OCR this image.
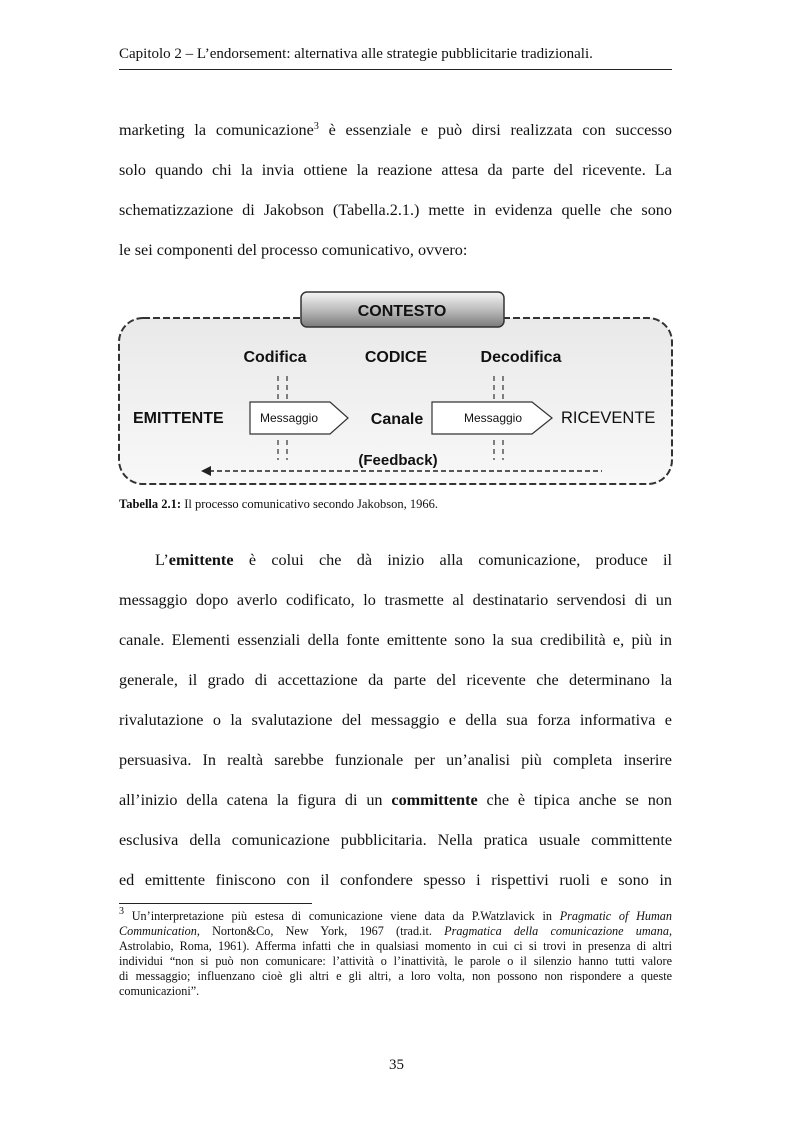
Capitolo 2 – L’endorsement: alternativa alle strategie pubblicitarie tradizionali.
marketing la comunicazione$^3$ è essenziale e può dirsi realizzata con successo
solo quando chi la invia ottiene la reazione attesa da parte del ricevente. La
schematizzazione di Jakobson (Tabella.2.1.) mette in evidenza quelle che sono
le sei componenti del processo comunicativo, ovvero:
CONTESTO
Codifica	CODICE	Decodifica
EMITTENTE	Messaggio	Canale	Messaggio RICEVENTE
(Feedback)
Tabella 2.1: Il processo comunicativo secondo Jakobson, 1966.
L’emittente è colui che dà inizio alla comunicazione, produce il
messaggio dopo averlo codificato, lo trasmette al destinatario servendosi di un
canale. Elementi essenziali della fonte emittente sono la sua credibilità e, più in
generale, il grado di accettazione da parte del ricevente che determinano la
rivalutazione o la svalutazione del messaggio e della sua forza informativa e
persuasiva. In realtà sarebbe funzionale per un’analisi più completa inserire
all’inizio della catena la figura di un committente che è tipica anche se non
esclusiva della comunicazione pubblicitaria. Nella pratica usuale committente
ed emittente finiscono con il confondere spesso i rispettivi ruoli e sono in
$^3$ Un’interpretazione più estesa di comunicazione viene data da P.Watzlavick in Pragmatic of Human
Communication, Norton&Co, New York, 1967 (trad.it. Pragmatica della comunicazione umana,
Astrolabio, Roma, 1961). Afferma infatti che in qualsiasi momento in cui ci si trovi in presenza di altri
individui “non si può non comunicare: l’attività o l’inattività, le parole o il silenzio hanno tutti valore
di messaggio; influenzano cioè gli altri e gli altri, a loro volta, non possono non rispondere a queste
comunicazioni”.
35
